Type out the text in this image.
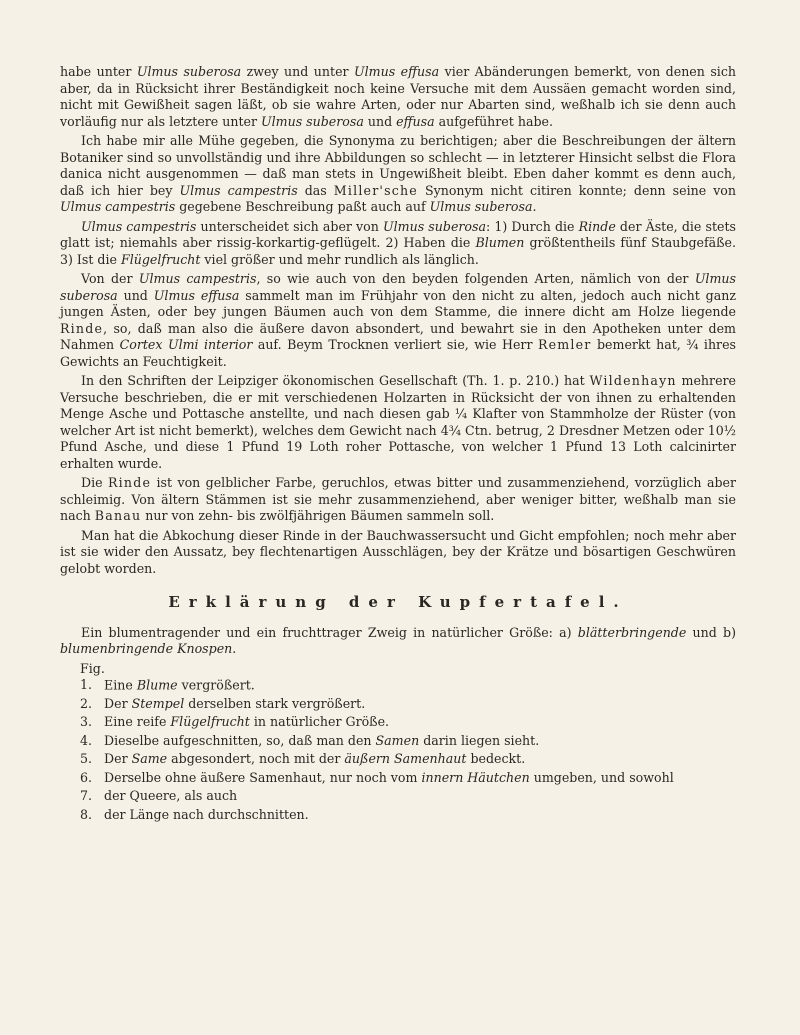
habe unter Ulmus suberosa zwey und unter Ulmus effusa vier Abänderungen bemerkt, von denen sich aber, da in Rücksicht ihrer Beständigkeit noch keine Versuche mit dem Aussäen gemacht worden sind, nicht mit Gewißheit sagen läßt, ob sie wahre Arten, oder nur Abarten sind, weßhalb ich sie denn auch vorläufig nur als letztere unter Ulmus suberosa und effusa aufgeführet habe.

Ich habe mir alle Mühe gegeben, die Synonyma zu berichtigen; aber die Beschreibungen der ältern Botaniker sind so unvollständig und ihre Abbildungen so schlecht — in letzterer Hinsicht selbst die Flora danica nicht ausgenommen — daß man stets in Ungewißheit bleibt. Eben daher kommt es denn auch, daß ich hier bey Ulmus campestris das Miller'sche Synonym nicht citiren konnte; denn seine von Ulmus campestris gegebene Beschreibung paßt auch auf Ulmus suberosa.

Ulmus campestris unterscheidet sich aber von Ulmus suberosa: 1) Durch die Rinde der Äste, die stets glatt ist; niemahls aber rissig-korkartig-geflügelt. 2) Haben die Blumen größtentheils fünf Staubgefäße. 3) Ist die Flügelfrucht viel größer und mehr rundlich als länglich.

Von der Ulmus campestris, so wie auch von den beyden folgenden Arten, nämlich von der Ulmus suberosa und Ulmus effusa sammelt man im Frühjahr von den nicht zu alten, jedoch auch nicht ganz jungen Ästen, oder bey jungen Bäumen auch von dem Stamme, die innere dicht am Holze liegende Rinde, so, daß man also die äußere davon absondert, und bewahrt sie in den Apotheken unter dem Nahmen Cortex Ulmi interior auf. Beym Trocknen verliert sie, wie Herr Remler bemerkt hat, ¾ ihres Gewichts an Feuchtigkeit.

In den Schriften der Leipziger ökonomischen Gesellschaft (Th. 1. p. 210.) hat Wildenhayn mehrere Versuche beschrieben, die er mit verschiedenen Holzarten in Rücksicht der von ihnen zu erhaltenden Menge Asche und Pottasche anstellte, und nach diesen gab ¼ Klafter von Stammholze der Rüster (von welcher Art ist nicht bemerkt), welches dem Gewicht nach 4¾ Ctn. betrug, 2 Dresdner Metzen oder 10½ Pfund Asche, und diese 1 Pfund 19 Loth roher Pottasche, von welcher 1 Pfund 13 Loth calcinirter erhalten wurde.

Die Rinde ist von gelblicher Farbe, geruchlos, etwas bitter und zusammenziehend, vorzüglich aber schleimig. Von ältern Stämmen ist sie mehr zusammenziehend, aber weniger bitter, weßhalb man sie nach Banau nur von zehn- bis zwölfjährigen Bäumen sammeln soll.

Man hat die Abkochung dieser Rinde in der Bauchwassersucht und Gicht empfohlen; noch mehr aber ist sie wider den Aussatz, bey flechtenartigen Ausschlägen, bey der Krätze und bösartigen Geschwüren gelobt worden.

Erklärung der Kupfertafel.

Ein blumentragender und ein fruchttrager Zweig in natürlicher Größe: a) blätterbringende und b) blumenbringende Knospen.

Fig. 1. Eine Blume vergrößert.
2. Der Stempel derselben stark vergrößert.
3. Eine reife Flügelfrucht in natürlicher Größe.
4. Dieselbe aufgeschnitten, so, daß man den Samen darin liegen sieht.
5. Der Same abgesondert, noch mit der äußern Samenhaut bedeckt.
6. Derselbe ohne äußere Samenhaut, nur noch vom innern Häutchen umgeben, und sowohl
7. der Queere, als auch
8. der Länge nach durchschnitten.
